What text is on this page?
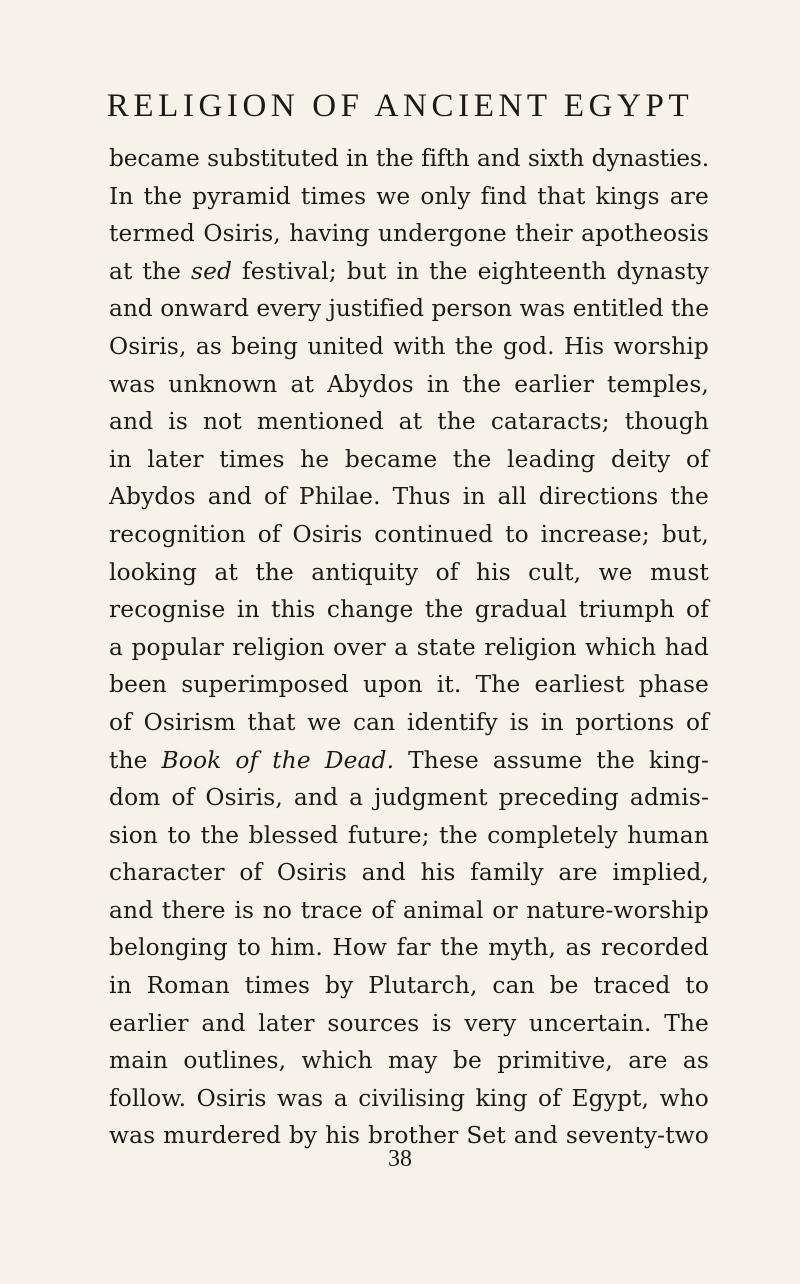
RELIGION OF ANCIENT EGYPT
became substituted in the fifth and sixth dynasties.
In the pyramid times we only find that kings are
termed Osiris, having undergone their apotheosis
at the sed festival; but in the eighteenth dynasty
and onward every justified person was entitled the
Osiris, as being united with the god. His worship
was unknown at Abydos in the earlier temples,
and is not mentioned at the cataracts; though
in later times he became the leading deity of
Abydos and of Philae. Thus in all directions the
recognition of Osiris continued to increase; but,
looking at the antiquity of his cult, we must
recognise in this change the gradual triumph of
a popular religion over a state religion which had
been superimposed upon it. The earliest phase
of Osirism that we can identify is in portions of
the Book of the Dead. These assume the king-
dom of Osiris, and a judgment preceding admis-
sion to the blessed future; the completely human
character of Osiris and his family are implied,
and there is no trace of animal or nature-worship
belonging to him. How far the myth, as recorded
in Roman times by Plutarch, can be traced to
earlier and later sources is very uncertain. The
main outlines, which may be primitive, are as
follow. Osiris was a civilising king of Egypt, who
was murdered by his brother Set and seventy-two
38
